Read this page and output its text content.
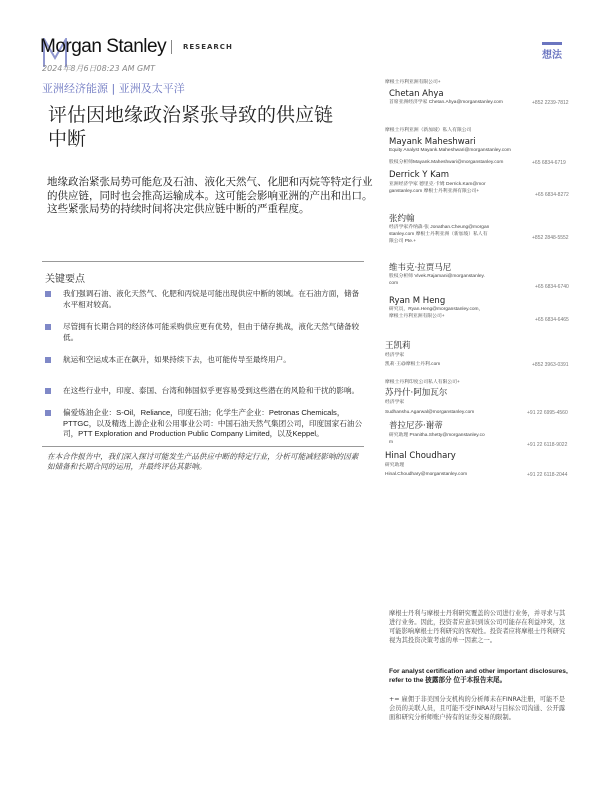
Morgan Stanley RESEARCH
2024年8月6日08:23 AM GMT
亚洲经济能源 | 亚洲及太平洋
想法
评估因地缘政治紧张导致的供应链中断
地缘政治紧张局势可能危及石油、液化天然气、化肥和丙烷等特定行业的供应链，同时也会推高运输成本。这可能会影响亚洲的产出和出口。这些紧张局势的持续时间将决定供应链中断的严重程度。
关键要点
我们强调石油、液化天然气、化肥和丙烷是可能出现供应中断的领域。在石油方面，储备水平相对较高。
尽管拥有长期合同的经济体可能采购供应更有优势，但由于储存挑战，液化天然气储备较低。
航运和空运成本正在飙升，如果持续下去，也可能传导至最终用户。
在这些行业中，印度、泰国、台湾和韩国似乎更容易受到这些潜在的风险和干扰的影响。
偏爱炼油企业：S-Oil，Reliance，印度石油；化学生产企业：Petronas Chemicals，PTTGC，以及精选上游企业和公用事业公司：中国石油天然气集团公司，印度国家石油公司，PTT Exploration and Production Public Company Limited，以及Keppel。
在本合作报告中，我们深入探讨可能发生产品供应中断的特定行业，分析可能减轻影响的因素如储备和长期合同的运用，并最终评估其影响。
摩根士丹利亚洲有限公司+
Chetan Ahya
首席亚洲经济学家 Chetan.Ahya@morganstanley.com	+852 2239-7812
摩根士丹利亚洲（新加坡）私人有限公司
Mayank Maheshwari
Equity Analyst Mayank.Maheshwari@morganstanley.com
股权分析师Mayank.Maheshwari@morganstanley.com	+65 6834-6719
Derrick Y Kam
亚洲经济学家 德里克·卡姆 Derrick.Kam@mor
ganstanley.com 摩根士丹利亚洲有限公司+
+65 6834-8272
张约翰
经济学家乔纳森·张 Jonathan.Cheung@morgan
stanley.com 摩根士丹利亚洲（新加坡）私人有
限公司 Pte.+
+852 2848-5552
维韦克·拉贾马尼
股权分析师 Vivek.Rajamani@morganstanley.
com
+65 6834-6740
Ryan M Heng
研究员，Ryan.Heng@morganstanley.com，
摩根士丹利亚洲有限公司+
+65 6834-6465
王凯莉
经济学家
凯莉·王@摩根士丹利.com	+852 3963-0391
摩根士丹利印度公司私人有限公司+
苏丹什·阿加瓦尔
经济学家
Sudhanshu.Agarwal@morganstanley.com	+91 22 6995-4560
普拉尼莎·谢蒂
研究助理 Pranitha.Shetty@morganstanley.co
m	+91 22 6118-9022
Hinal Choudhary
研究助理
Hinal.Choudhary@morganstanley.com	+91 22 6118-2044
摩根士丹利与摩根士丹利研究覆盖的公司进行业务，并寻求与其进行业务。因此，投资者应意识到该公司可能存在利益冲突，这可能影响摩根士丹利研究的客观性。投资者应将摩根士丹利研究视为其投资决策考虑的单一因素之一。
For analyst certification and other important disclosures, refer to the 披露部分 位于本报告末尾。
+= 雇佣于非美国分支机构的分析师未在FINRA注册，可能不是会员的关联人员，且可能不受FINRA对与目标公司沟通、公开露面和研究分析师账户持有的证券交易的限制。
